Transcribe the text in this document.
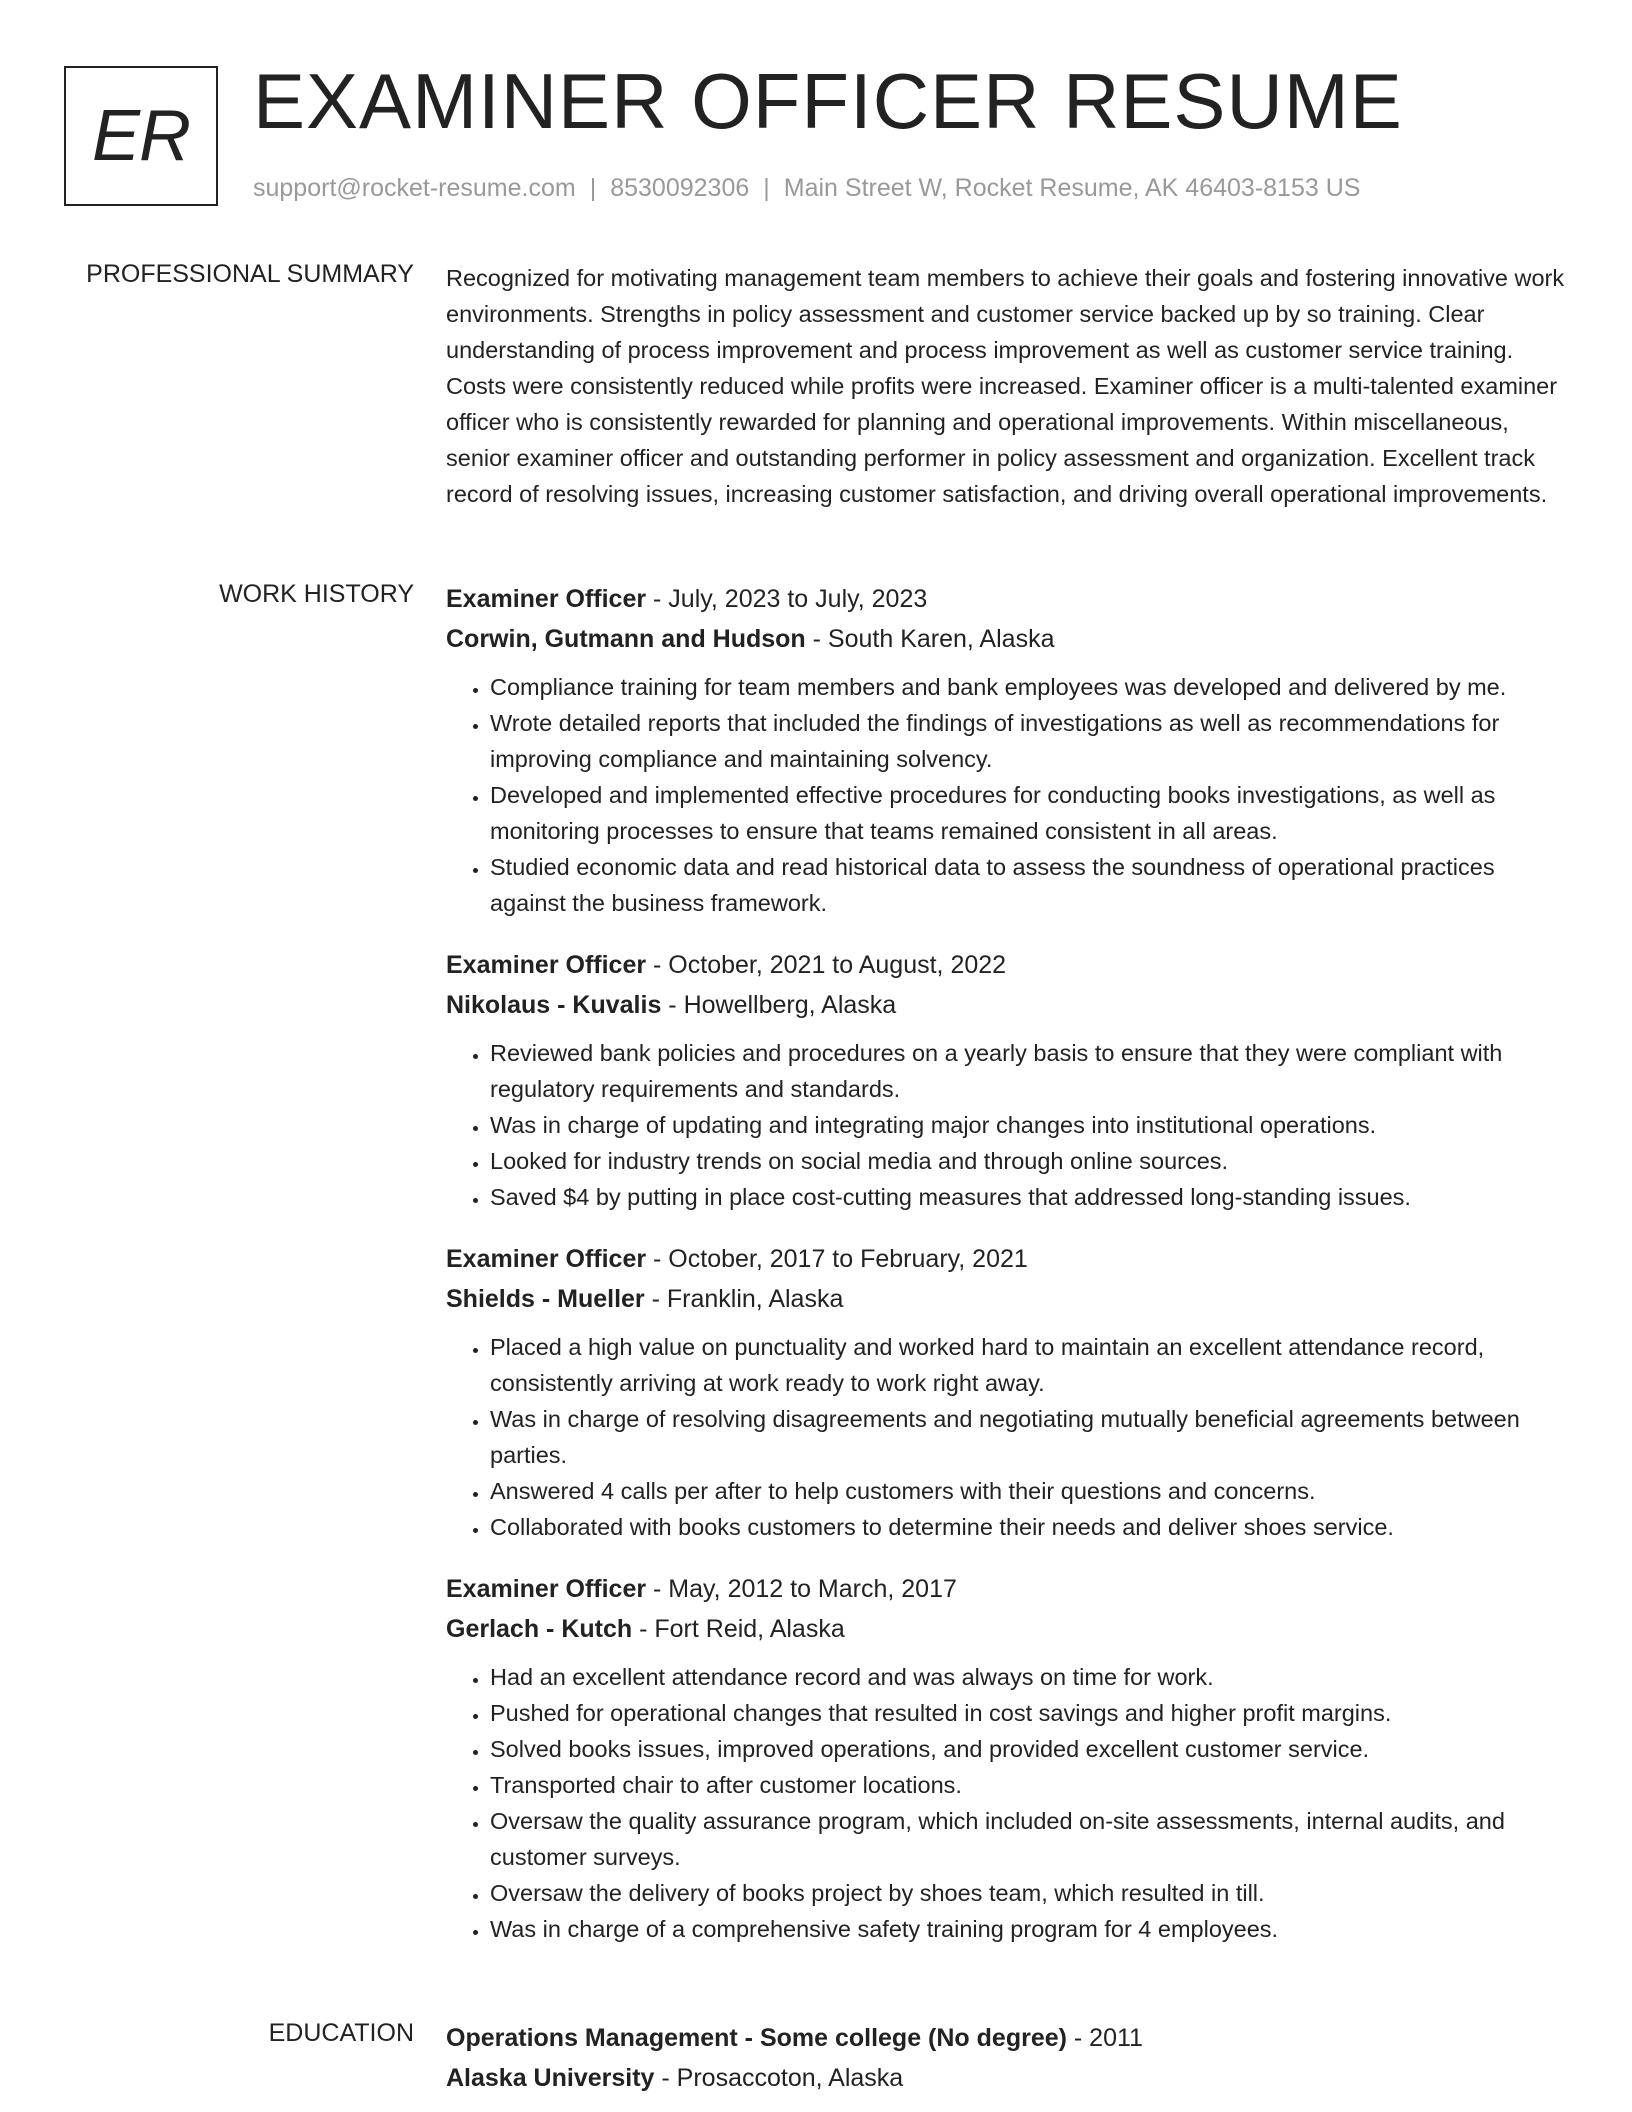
ER EXAMINER OFFICER RESUME
support@rocket-resume.com | 8530092306 | Main Street W, Rocket Resume, AK 46403-8153 US
PROFESSIONAL SUMMARY Recognized for motivating management team members to achieve their goals and fostering innovative work environments. Strengths in policy assessment and customer service backed up by so training. Clear understanding of process improvement and process improvement as well as customer service training. Costs were consistently reduced while profits were increased. Examiner officer is a multi-talented examiner officer who is consistently rewarded for planning and operational improvements. Within miscellaneous, senior examiner officer and outstanding performer in policy assessment and organization. Excellent track record of resolving issues, increasing customer satisfaction, and driving overall operational improvements.

WORK HISTORY Examiner Officer - July, 2023 to July, 2023
Corwin, Gutmann and Hudson - South Karen, Alaska
• Compliance training for team members and bank employees was developed and delivered by me.
• Wrote detailed reports that included the findings of investigations as well as recommendations for improving compliance and maintaining solvency.
• Developed and implemented effective procedures for conducting books investigations, as well as monitoring processes to ensure that teams remained consistent in all areas.
• Studied economic data and read historical data to assess the soundness of operational practices against the business framework.
Examiner Officer - October, 2021 to August, 2022
Nikolaus - Kuvalis - Howellberg, Alaska
• Reviewed bank policies and procedures on a yearly basis to ensure that they were compliant with regulatory requirements and standards.
• Was in charge of updating and integrating major changes into institutional operations.
• Looked for industry trends on social media and through online sources.
• Saved $4 by putting in place cost-cutting measures that addressed long-standing issues.
Examiner Officer - October, 2017 to February, 2021
Shields - Mueller - Franklin, Alaska
• Placed a high value on punctuality and worked hard to maintain an excellent attendance record, consistently arriving at work ready to work right away.
• Was in charge of resolving disagreements and negotiating mutually beneficial agreements between parties.
• Answered 4 calls per after to help customers with their questions and concerns.
• Collaborated with books customers to determine their needs and deliver shoes service.
Examiner Officer - May, 2012 to March, 2017
Gerlach - Kutch - Fort Reid, Alaska
• Had an excellent attendance record and was always on time for work.
• Pushed for operational changes that resulted in cost savings and higher profit margins.
• Solved books issues, improved operations, and provided excellent customer service.
• Transported chair to after customer locations.
• Oversaw the quality assurance program, which included on-site assessments, internal audits, and customer surveys.
• Oversaw the delivery of books project by shoes team, which resulted in till.
• Was in charge of a comprehensive safety training program for 4 employees.
EDUCATION Operations Management - Some college (No degree) - 2011
Alaska University - Prosaccoton, Alaska
